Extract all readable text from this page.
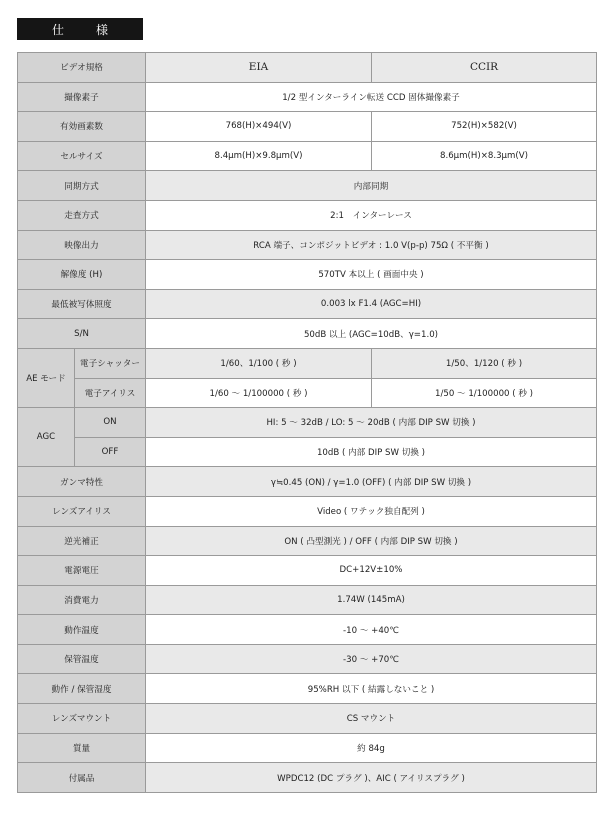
仕　様
ビデオ規格		EIA	CCIR
撮像素子		1/2 型インターライン転送 CCD 固体撮像素子	
有効画素数		768(H)×494(V)	752(H)×582(V)
セルサイズ		8.4μm(H)×9.8μm(V)	8.6μm(H)×8.3μm(V)
同期方式		内部同期	
走査方式		2:1　インターレース	
映像出力		RCA 端子、コンポジットビデオ : 1.0 V(p-p) 75Ω ( 不平衡 )	
解像度 (H)		570TV 本以上 ( 画面中央 )	
最低被写体照度		0.003 lx F1.4 (AGC=HI)	
S/N		50dB 以上 (AGC=10dB、γ=1.0)	
AE モード	電子シャッター	1/60、1/100 ( 秒 )	1/50、1/120 ( 秒 )
	電子アイリス	1/60 ～ 1/100000 ( 秒 )	1/50 ～ 1/100000 ( 秒 )
AGC	ON	HI: 5 ～ 32dB / LO: 5 ～ 20dB ( 内部 DIP SW 切換 )	
	OFF	10dB ( 内部 DIP SW 切換 )	
ガンマ特性		γ≒0.45 (ON) / γ=1.0 (OFF) ( 内部 DIP SW 切換 )	
レンズアイリス		Video ( ワテック独自配列 )	
逆光補正		ON ( 凸型測光 ) / OFF ( 内部 DIP SW 切換 )	
電源電圧		DC+12V±10%	
消費電力		1.74W (145mA)	
動作温度		-10 ～ +40℃	
保管温度		-30 ～ +70℃	
動作 / 保管湿度		95%RH 以下 ( 結露しないこと )	
レンズマウント		CS マウント	
質量		約 84g	
付属品		WPDC12 (DC プラグ )、AIC ( アイリスプラグ )	
